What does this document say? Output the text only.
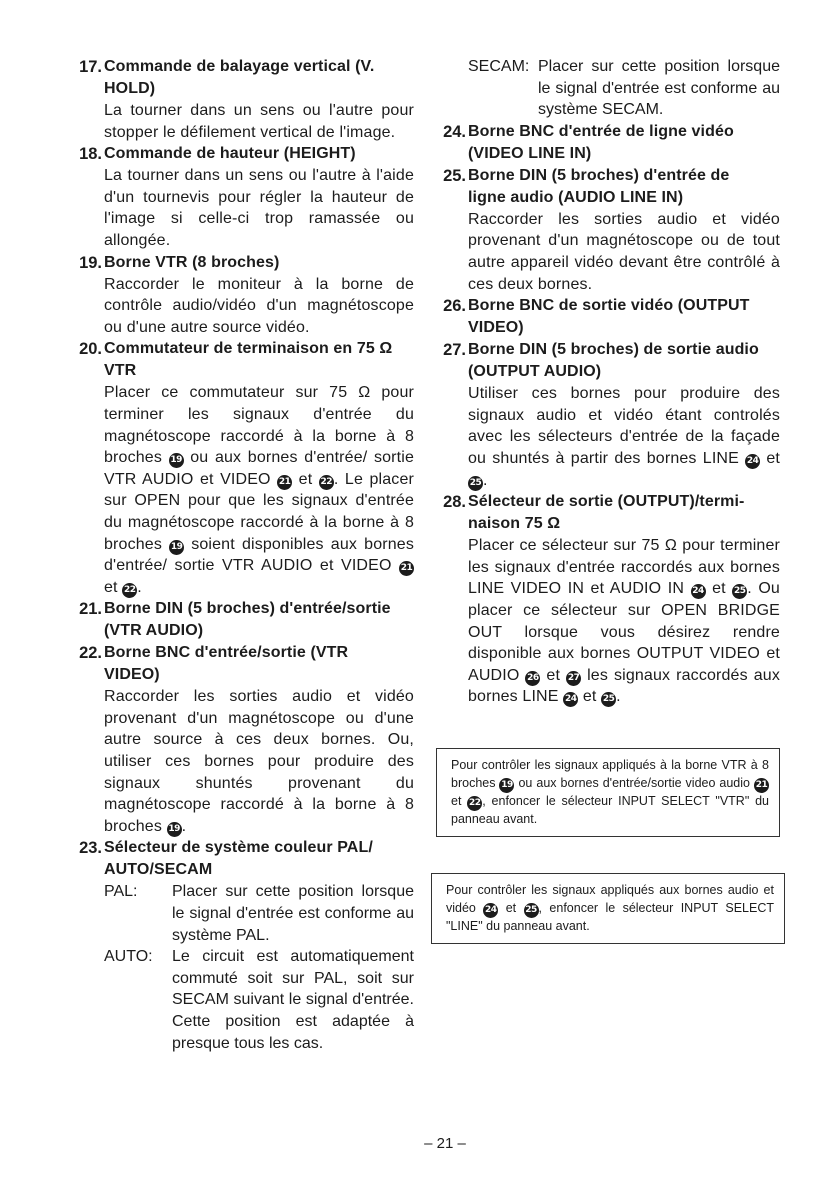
17. Commande de balayage vertical (V.
HOLD)
La tourner dans un sens ou l'autre pour stopper le défilement vertical de l'image.
18. Commande de hauteur (HEIGHT)
La tourner dans un sens ou l'autre à l'aide d'un tournevis pour régler la hauteur de l'image si celle-ci trop ramassée ou allongée.
19. Borne VTR (8 broches)
Raccorder le moniteur à la borne de contrôle audio/vidéo d'un magnétoscope ou d'une autre source vidéo.
20. Commutateur de terminaison en 75 Ω
VTR
Placer ce commutateur sur 75 Ω pour terminer les signaux d'entrée du magnétoscope raccordé à la borne à 8 broches 19 ou aux bornes d'entrée/ sortie VTR AUDIO et VIDEO 21 et 22 . Le placer sur OPEN pour que les signaux d'entrée du magnétoscope raccordé à la borne à 8 broches 19 soient disponibles aux bornes d'entrée/ sortie VTR AUDIO et VIDEO 21 et 22 .
21. Borne DIN (5 broches) d'entrée/sortie
(VTR AUDIO)
22. Borne BNC d'entrée/sortie (VTR
VIDEO)
Raccorder les sorties audio et vidéo provenant d'un magnétoscope ou d'une autre source à ces deux bornes. Ou, utiliser ces bornes pour produire des signaux shuntés provenant du magnétoscope raccordé à la borne à 8 broches 19 .
23. Sélecteur de système couleur PAL/
AUTO/SECAM
PAL:	Placer sur cette position lorsque le signal d'entrée est conforme au système PAL.
AUTO:	Le circuit est automatiquement commuté soit sur PAL, soit sur SECAM suivant le signal d'entrée. Cette position est adaptée à presque tous les cas.
SECAM: Placer sur cette position lorsque le signal d'entrée est conforme au système SECAM.
24. Borne BNC d'entrée de ligne vidéo
(VIDEO LINE IN)
25. Borne DIN (5 broches) d'entrée de
ligne audio (AUDIO LINE IN)
Raccorder les sorties audio et vidéo provenant d'un magnétoscope ou de tout autre appareil vidéo devant être contrôlé à ces deux bornes.
26. Borne BNC de sortie vidéo (OUTPUT
VIDEO)
27. Borne DIN (5 broches) de sortie audio
(OUTPUT AUDIO)
Utiliser ces bornes pour produire des signaux audio et vidéo étant controlés avec les sélecteurs d'entrée de la façade ou shuntés à partir des bornes LINE 24 et 25 .
28. Sélecteur de sortie (OUTPUT)/termi-
naison 75 Ω
Placer ce sélecteur sur 75 Ω pour terminer les signaux d'entrée raccordés aux bornes LINE VIDEO IN et AUDIO IN 24 et 25 . Ou placer ce sélecteur sur OPEN BRIDGE OUT lorsque vous désirez rendre disponible aux bornes OUTPUT VIDEO et AUDIO 26 et 27 les signaux raccordés aux bornes LINE 24 et 25 .
Pour contrôler les signaux appliqués à la borne VTR à 8 broches 19 ou aux bornes d'entrée/sortie video audio 21 et 22 , enfoncer le sélecteur INPUT SELECT "VTR" du panneau avant.
Pour contrôler les signaux appliqués aux bornes audio et vidéo 24 et 25 , enfoncer le sélecteur INPUT SELECT "LINE" du panneau avant.
– 21 –
